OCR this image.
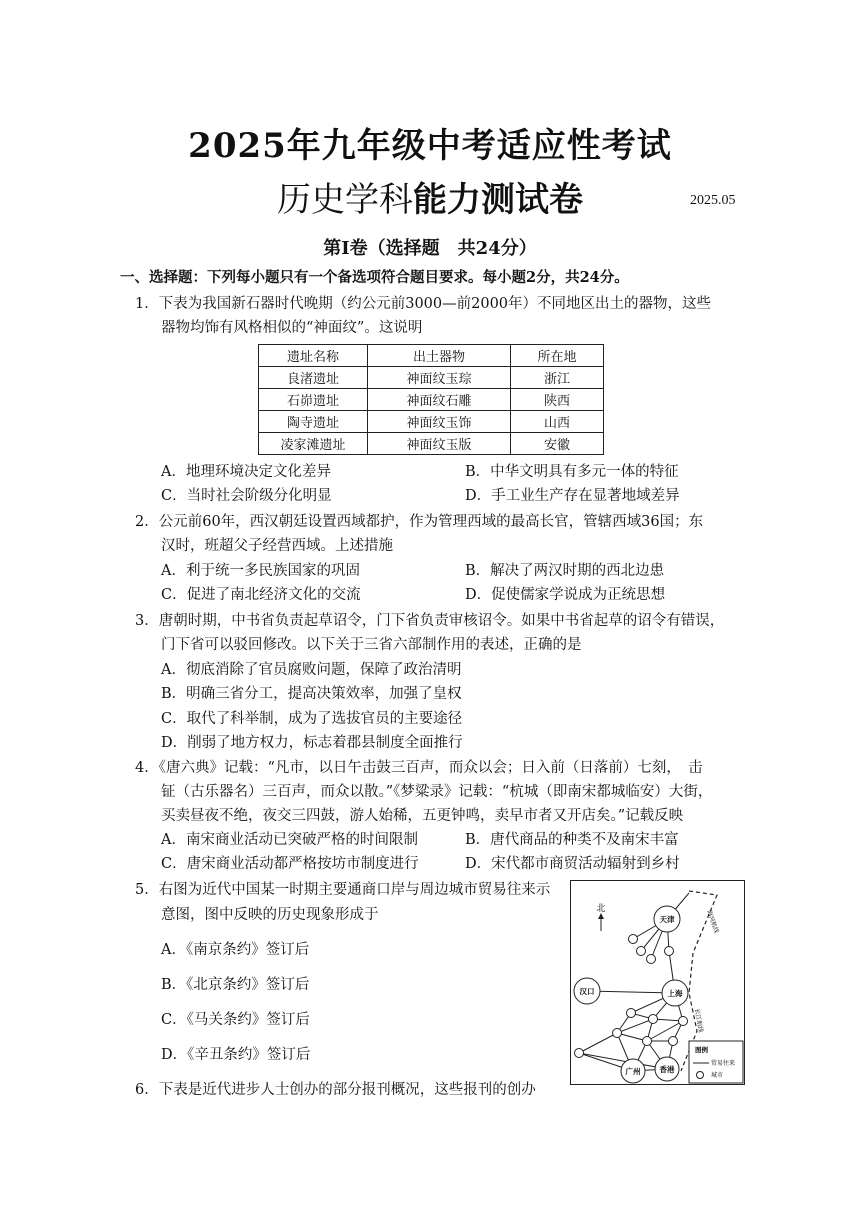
2025年九年级中考适应性考试
历史学科能力测试卷	2025.05
第Ⅰ卷（选择题　共24分）
一、选择题：下列每小题只有一个备选项符合题目要求。每小题2分，共24分。
1．下表为我国新石器时代晚期（约公元前3000—前2000年）不同地区出土的器物，这些
器物均饰有风格相似的“神面纹”。这说明
遗址名称	出土器物	所在地
良渚遗址	神面纹玉琮	浙江
石峁遗址	神面纹石雕	陕西
陶寺遗址	神面纹玉饰	山西
凌家滩遗址	神面纹玉版	安徽
A．地理环境决定文化差异	B．中华文明具有多元一体的特征
C．当时社会阶级分化明显	D．手工业生产存在显著地域差异
2．公元前60年，西汉朝廷设置西域都护，作为管理西域的最高长官，管辖西域36国；东
汉时，班超父子经营西域。上述措施
A．利于统一多民族国家的巩固	B．解决了两汉时期的西北边患
C．促进了南北经济文化的交流	D．促使儒家学说成为正统思想
3．唐朝时期，中书省负责起草诏令，门下省负责审核诏令。如果中书省起草的诏令有错误，
门下省可以驳回修改。以下关于三省六部制作用的表述，正确的是
A．彻底消除了官员腐败问题，保障了政治清明
B．明确三省分工，提高决策效率，加强了皇权
C．取代了科举制，成为了选拔官员的主要途径
D．削弱了地方权力，标志着郡县制度全面推行
4．《唐六典》记载：“凡市，以日午击鼓三百声，而众以会；日入前（日落前）七刻，　击
钲（古乐器名）三百声，而众以散。”《梦粱录》记载：“杭城（即南宋都城临安）大街，
买卖昼夜不绝，夜交三四鼓，游人始稀，五更钟鸣，卖早市者又开店矣。”记载反映
A．南宋商业活动已突破严格的时间限制	B．唐代商品的种类不及南宋丰富
C．唐宋商业活动都严格按坊市制度进行	D．宋代都市商贸活动辐射到乡村
5．右图为近代中国某一时期主要通商口岸与周边城市贸易往来示
意图，图中反映的历史现象形成于
A．《南京条约》签订后
B．《北京条约》签订后
C．《马关条约》签订后
D．《辛丑条约》签订后
北
天津
汉口	上海
广州	香港
海河航线
长江航线
图例
贸易往来
城市
6．下表是近代进步人士创办的部分报刊概况，这些报刊的创办
